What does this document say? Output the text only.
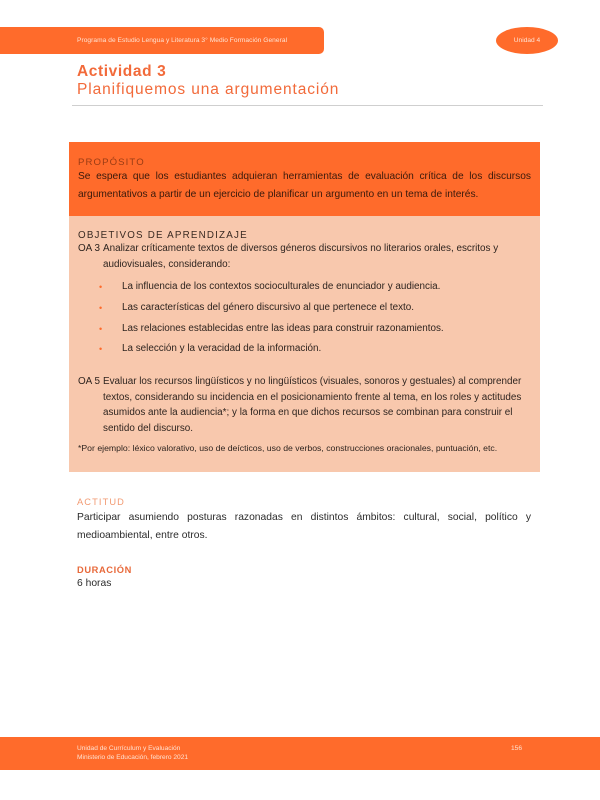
Programa de Estudio Lengua y Literatura 3° Medio Formación General	Unidad 4
Actividad 3
Planifiquemos una argumentación
PROPÓSITO
Se espera que los estudiantes adquieran herramientas de evaluación crítica de los discursos argumentativos a partir de un ejercicio de planificar un argumento en un tema de interés.
OBJETIVOS DE APRENDIZAJE
OA 3 Analizar críticamente textos de diversos géneros discursivos no literarios orales, escritos y audiovisuales, considerando:
• La influencia de los contextos socioculturales de enunciador y audiencia.
• Las características del género discursivo al que pertenece el texto.
• Las relaciones establecidas entre las ideas para construir razonamientos.
• La selección y la veracidad de la información.
OA 5 Evaluar los recursos lingüísticos y no lingüísticos (visuales, sonoros y gestuales) al comprender textos, considerando su incidencia en el posicionamiento frente al tema, en los roles y actitudes asumidos ante la audiencia*; y la forma en que dichos recursos se combinan para construir el sentido del discurso.
*Por ejemplo: léxico valorativo, uso de deícticos, uso de verbos, construcciones oracionales, puntuación, etc.
ACTITUD
Participar asumiendo posturas razonadas en distintos ámbitos: cultural, social, político y medioambiental, entre otros.
DURACIÓN
6 horas
Unidad de Currículum y Evaluación
Ministerio de Educación, febrero 2021
156
